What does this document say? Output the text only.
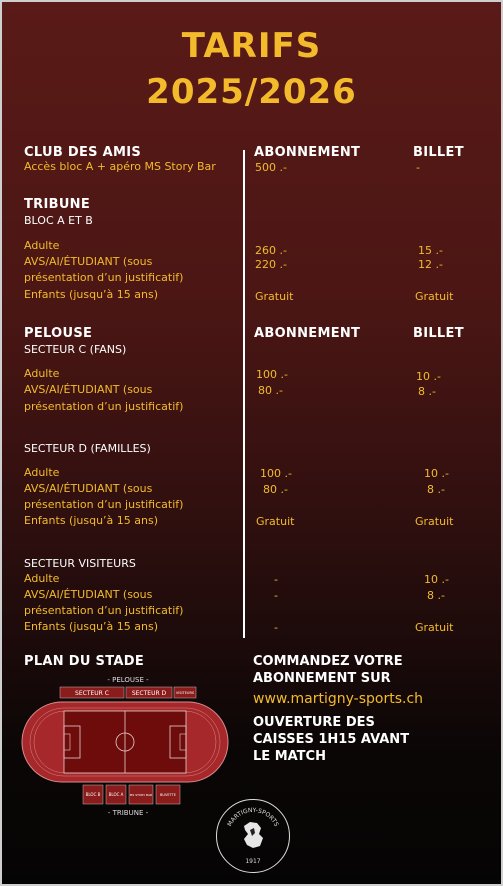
TARIFS
2025/2026
CLUB DES AMIS	ABONNEMENT	BILLET
Accès bloc A + apéro MS Story Bar	500 .-	-
TRIBUNE
BLOC A ET B
Adulte	260 .-	15 .-
AVS/AI/ÉTUDIANT (sous
présentation d’un justificatif)
220 .-	12 .-
Enfants (jusqu’à 15 ans)	Gratuit	Gratuit
PELOUSE	ABONNEMENT	BILLET
SECTEUR C (FANS)
Adulte	100 .-	10 .-
AVS/AI/ÉTUDIANT (sous
présentation d’un justificatif)
80 .-	8 .-
SECTEUR D (FAMILLES)
Adulte	100 .-	10 .-
AVS/AI/ÉTUDIANT (sous
présentation d’un justificatif)
80 .-	8 .-
Enfants (jusqu’à 15 ans)	Gratuit	Gratuit
SECTEUR VISITEURS
Adulte	-	10 .-
AVS/AI/ÉTUDIANT (sous
présentation d’un justificatif)
-	8 .-
Enfants (jusqu’à 15 ans)	-	Gratuit
PLAN DU STADE
- PELOUSE -
SECTEUR C	SECTEUR D	VISITEURS
BLOC B BLOC A MS STORY BAR BUVETTE
- TRIBUNE -
COMMANDEZ VOTRE
ABONNEMENT SUR
www.martigny-sports.ch
OUVERTURE DES
CAISSES 1H15 AVANT
LE MATCH
MARTIGNY-SPORTS
1917
